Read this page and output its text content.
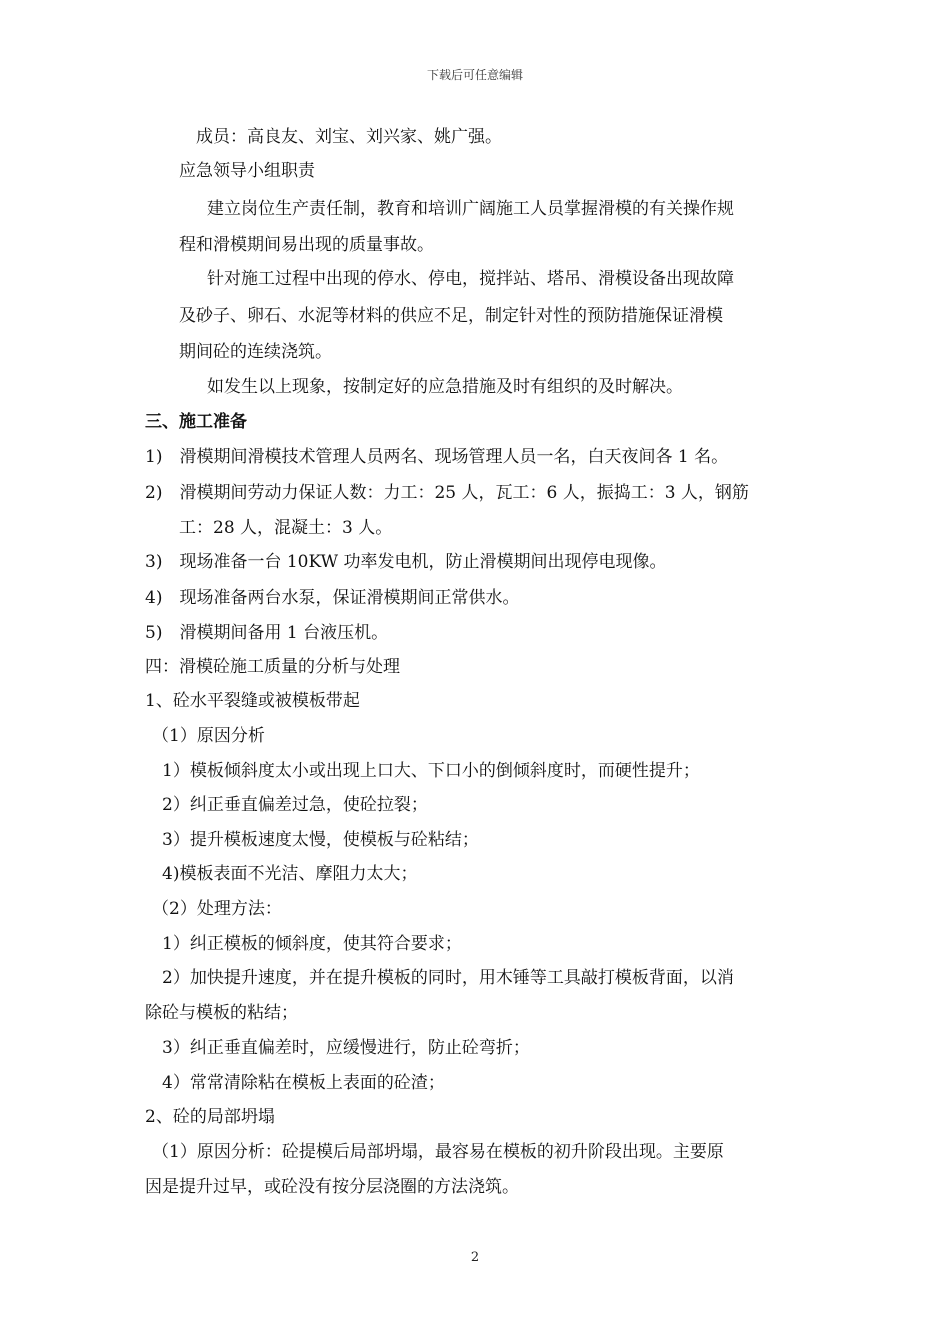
下载后可任意编辑
成员：高良友、刘宝、刘兴家、姚广强。
应急领导小组职责
建立岗位生产责任制，教育和培训广阔施工人员掌握滑模的有关操作规
程和滑模期间易出现的质量事故。
针对施工过程中出现的停水、停电，搅拌站、塔吊、滑模设备出现故障
及砂子、卵石、水泥等材料的供应不足，制定针对性的预防措施保证滑模
期间砼的连续浇筑。
如发生以上现象，按制定好的应急措施及时有组织的及时解决。
三、施工准备
1)　滑模期间滑模技术管理人员两名、现场管理人员一名，白天夜间各 1 名。
2)　滑模期间劳动力保证人数：力工：25 人，瓦工：6 人，振捣工：3 人，钢筋
工：28 人，混凝土：3 人。
3)　现场准备一台 10KW 功率发电机，防止滑模期间出现停电现像。
4)　现场准备两台水泵，保证滑模期间正常供水。
5)　滑模期间备用 1 台液压机。
四：滑模砼施工质量的分析与处理
1、砼水平裂缝或被模板带起
（1）原因分析
1）模板倾斜度太小或出现上口大、下口小的倒倾斜度时，而硬性提升；
2）纠正垂直偏差过急，使砼拉裂；
3）提升模板速度太慢，使模板与砼粘结；
4)模板表面不光洁、摩阻力太大；
（2）处理方法：
1）纠正模板的倾斜度，使其符合要求；
2）加快提升速度，并在提升模板的同时，用木锤等工具敲打模板背面，以消
除砼与模板的粘结；
3）纠正垂直偏差时，应缓慢进行，防止砼弯折；
4）常常清除粘在模板上表面的砼渣；
2、砼的局部坍塌
（1）原因分析：砼提模后局部坍塌，最容易在模板的初升阶段出现。主要原
因是提升过早，或砼没有按分层浇圈的方法浇筑。
2
